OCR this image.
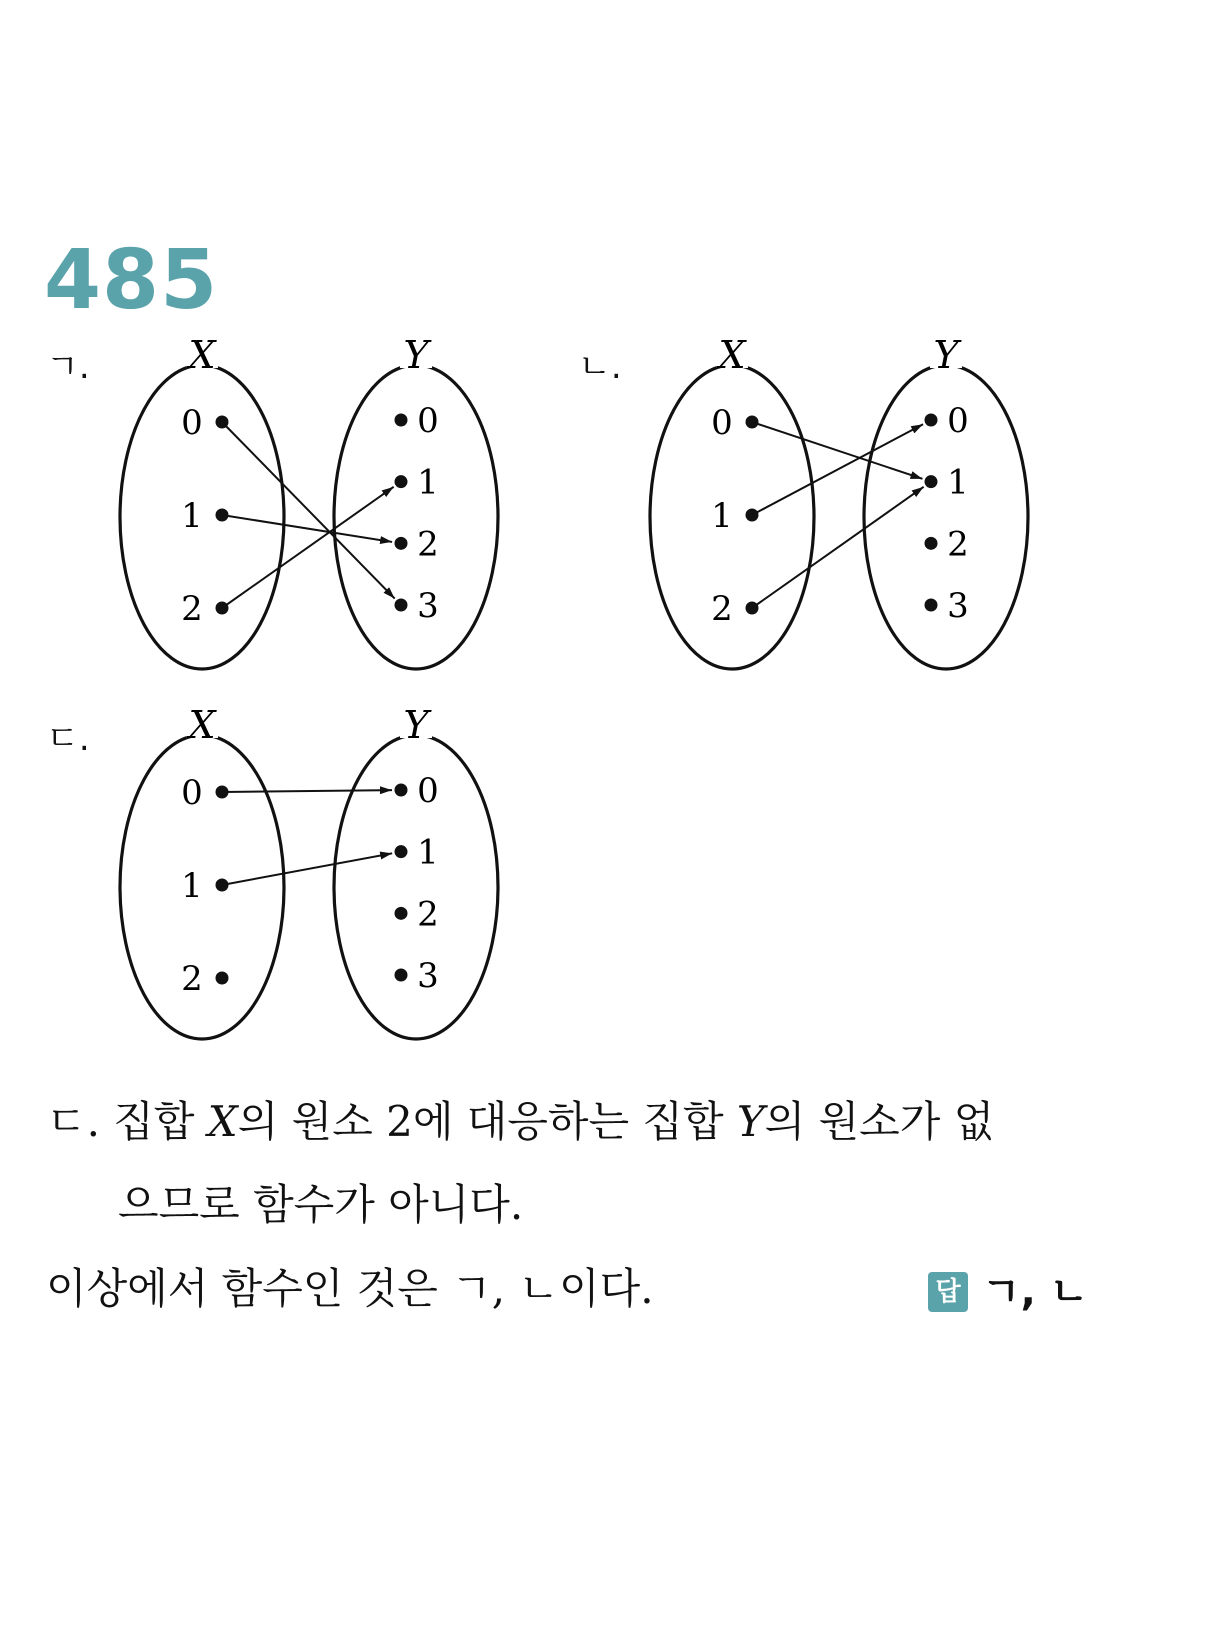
485
ㄱ.	X	Y
0
1
2
0
1
2
3
ㄴ.	X	Y
0
1
2
0
1
2
3
ㄷ.	X	Y
0
1
2
0
1
2
3
ㄷ. 집합 X의 원소 2에 대응하는 집합 Y의 원소가 없
으므로 함수가 아니다.
이상에서 함수인 것은 ㄱ, ㄴ이다.	답 ㄱ, ㄴ
